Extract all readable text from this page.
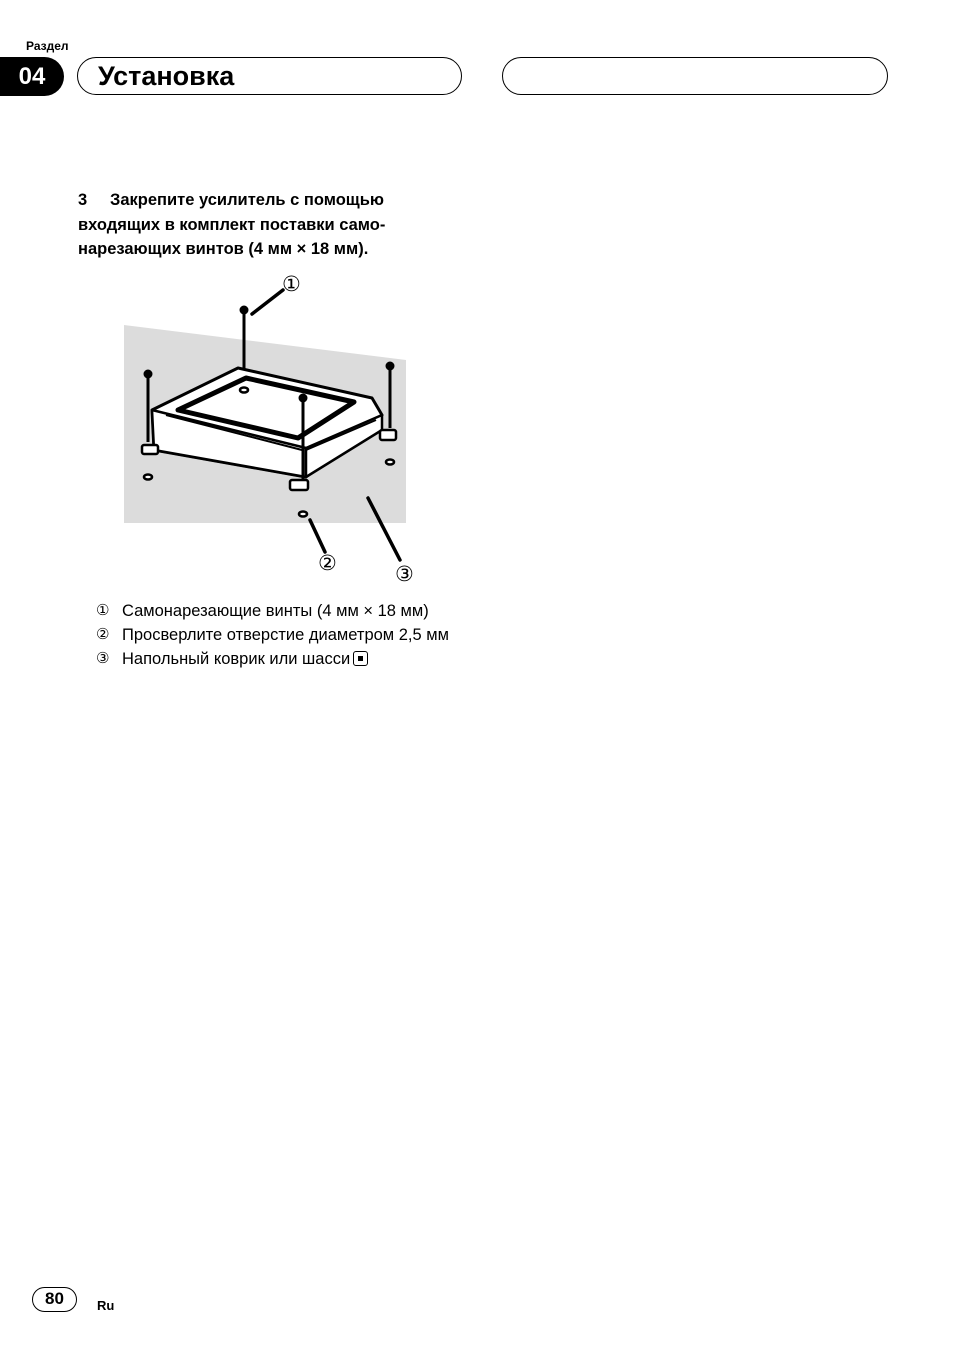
Раздел
04	Установка
3 Закрепите усилитель с помощью входящих в комплект поставки само-нарезающих винтов (4 мм × 18 мм).
①
②	③
① Самонарезающие винты (4 мм × 18 мм)
② Просверлите отверстие диаметром 2,5 мм
③ Напольный коврик или шасси
80	Ru
